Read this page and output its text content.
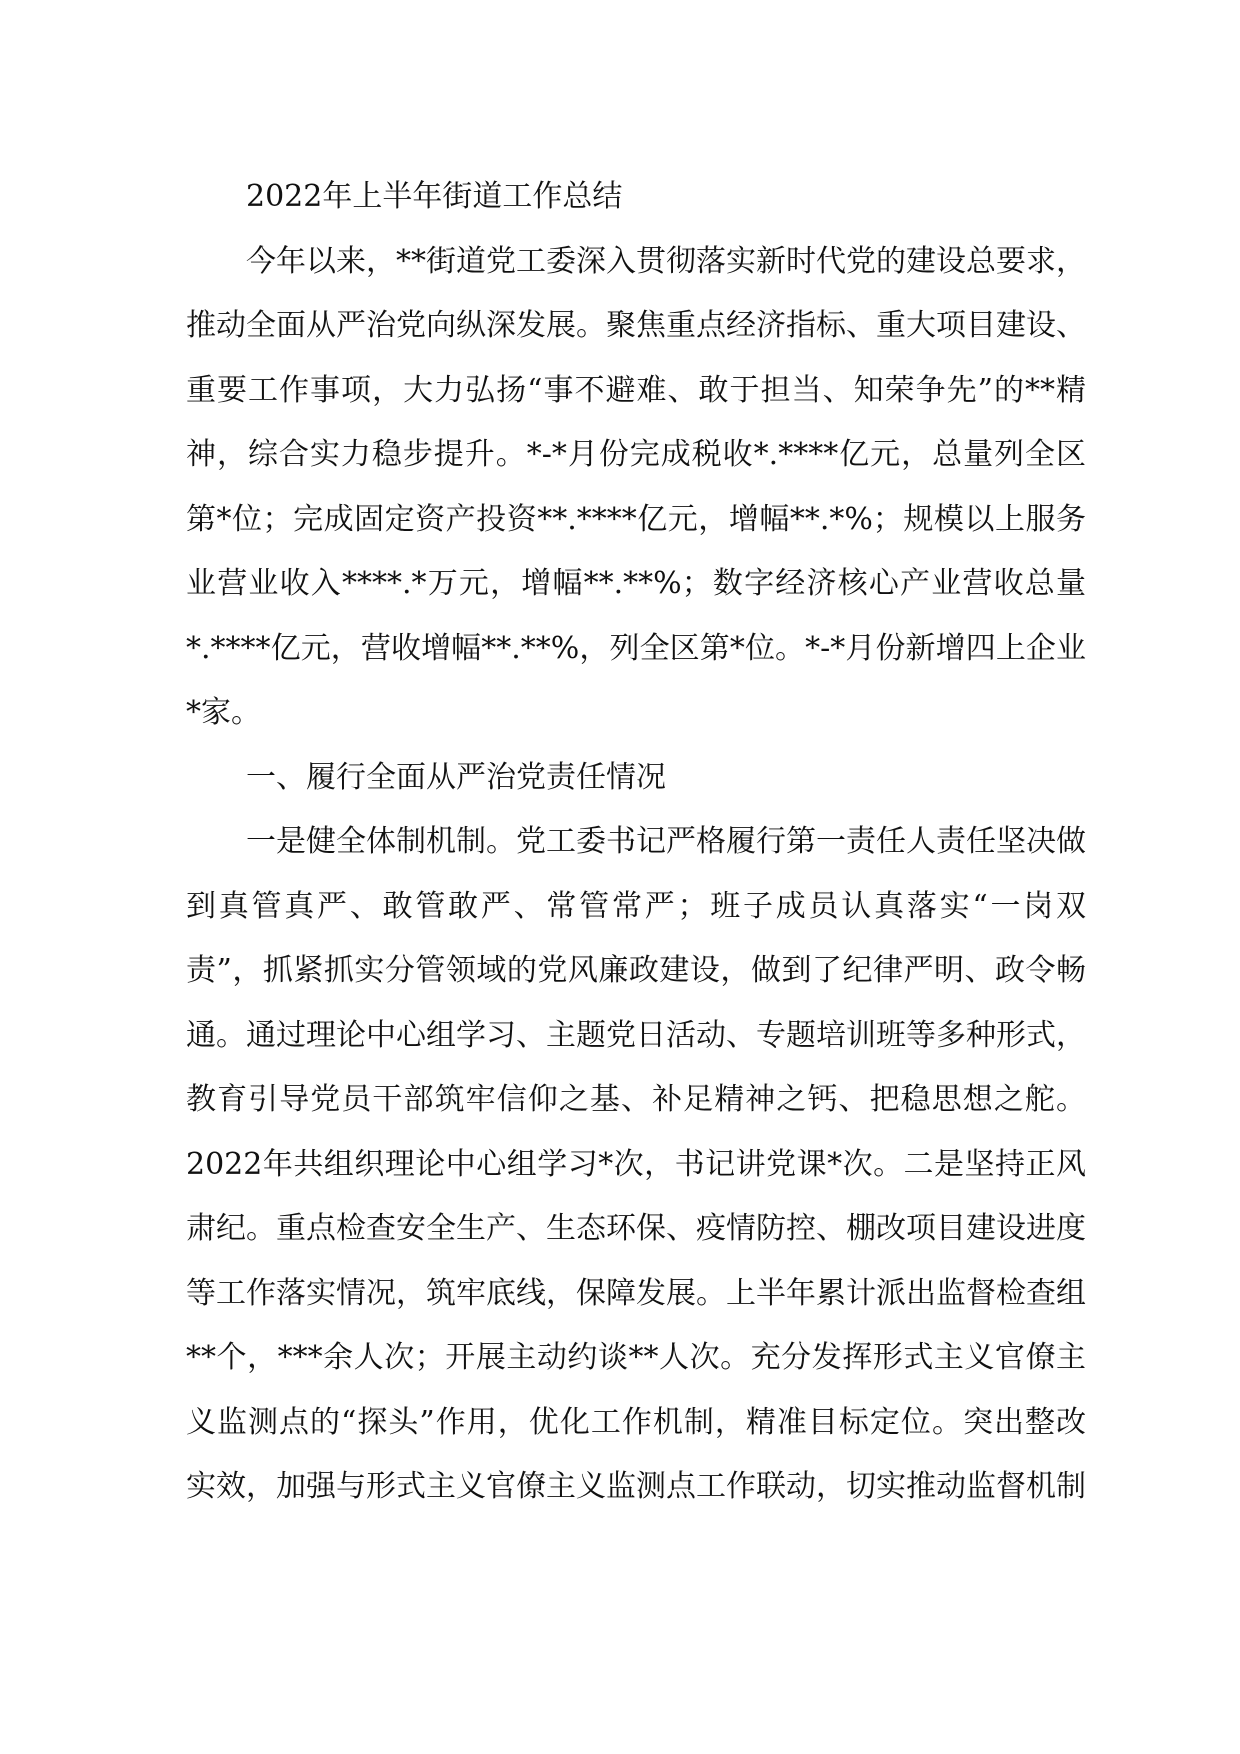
2022年上半年街道工作总结

今年以来，**街道党工委深入贯彻落实新时代党的建设总要求，推动全面从严治党向纵深发展。聚焦重点经济指标、重大项目建设、重要工作事项，大力弘扬“事不避难、敢于担当、知荣争先”的**精神，综合实力稳步提升。*-*月份完成税收*.****亿元，总量列全区第*位；完成固定资产投资**.****亿元，增幅**.*%；规模以上服务业营业收入****.*万元，增幅**.**%；数字经济核心产业营收总量*.****亿元，营收增幅**.**%，列全区第*位。*-*月份新增四上企业*家。

一、履行全面从严治党责任情况

一是健全体制机制。党工委书记严格履行第一责任人责任坚决做到真管真严、敢管敢严、常管常严；班子成员认真落实“一岗双责”，抓紧抓实分管领域的党风廉政建设，做到了纪律严明、政令畅通。通过理论中心组学习、主题党日活动、专题培训班等多种形式，教育引导党员干部筑牢信仰之基、补足精神之钙、把稳思想之舵。2022年共组织理论中心组学习*次，书记讲党课*次。二是坚持正风肃纪。重点检查安全生产、生态环保、疫情防控、棚改项目建设进度等工作落实情况，筑牢底线，保障发展。上半年累计派出监督检查组**个，***余人次；开展主动约谈**人次。充分发挥形式主义官僚主义监测点的“探头”作用，优化工作机制，精准目标定位。突出整改实效，加强与形式主义官僚主义监测点工作联动，切实推动监督机制
